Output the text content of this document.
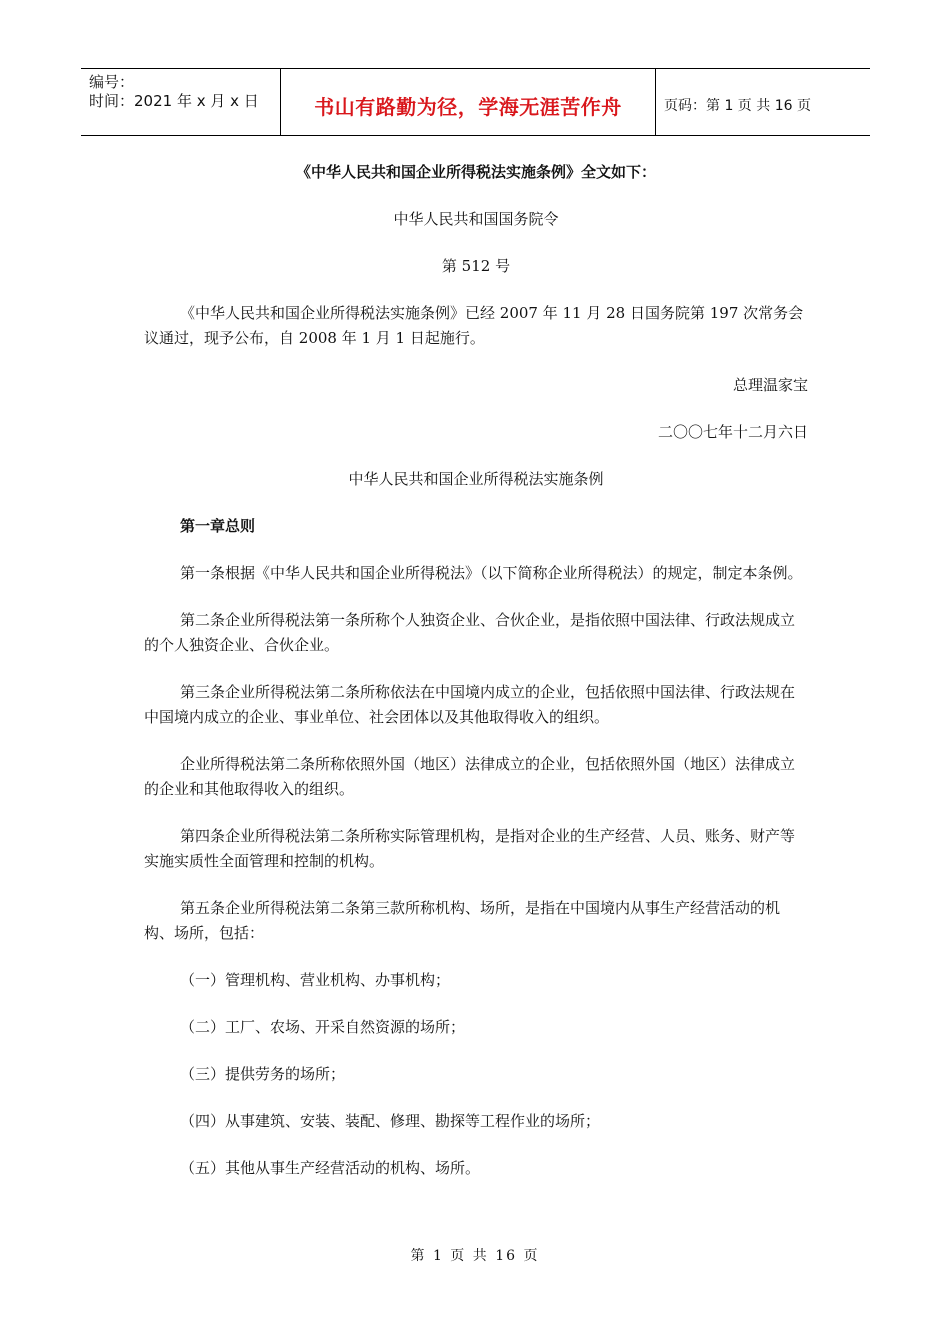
编号：
时间：2021 年 x 月 x 日	书山有路勤为径，学海无涯苦作舟	页码：第 1 页 共 16 页

《中华人民共和国企业所得税法实施条例》全文如下：

中华人民共和国国务院令

第 512 号

《中华人民共和国企业所得税法实施条例》已经 2007 年 11 月 28 日国务院第 197 次常务会议通过，现予公布，自 2008 年 1 月 1 日起施行。

总理温家宝

二〇〇七年十二月六日

中华人民共和国企业所得税法实施条例

第一章总则

第一条根据《中华人民共和国企业所得税法》（以下简称企业所得税法）的规定，制定本条例。

第二条企业所得税法第一条所称个人独资企业、合伙企业，是指依照中国法律、行政法规成立的个人独资企业、合伙企业。

第三条企业所得税法第二条所称依法在中国境内成立的企业，包括依照中国法律、行政法规在中国境内成立的企业、事业单位、社会团体以及其他取得收入的组织。

企业所得税法第二条所称依照外国（地区）法律成立的企业，包括依照外国（地区）法律成立的企业和其他取得收入的组织。

第四条企业所得税法第二条所称实际管理机构，是指对企业的生产经营、人员、账务、财产等实施实质性全面管理和控制的机构。

第五条企业所得税法第二条第三款所称机构、场所，是指在中国境内从事生产经营活动的机构、场所，包括：

（一）管理机构、营业机构、办事机构；

（二）工厂、农场、开采自然资源的场所；

（三）提供劳务的场所；

（四）从事建筑、安装、装配、修理、勘探等工程作业的场所；

（五）其他从事生产经营活动的机构、场所。

第 1 页 共 16 页
